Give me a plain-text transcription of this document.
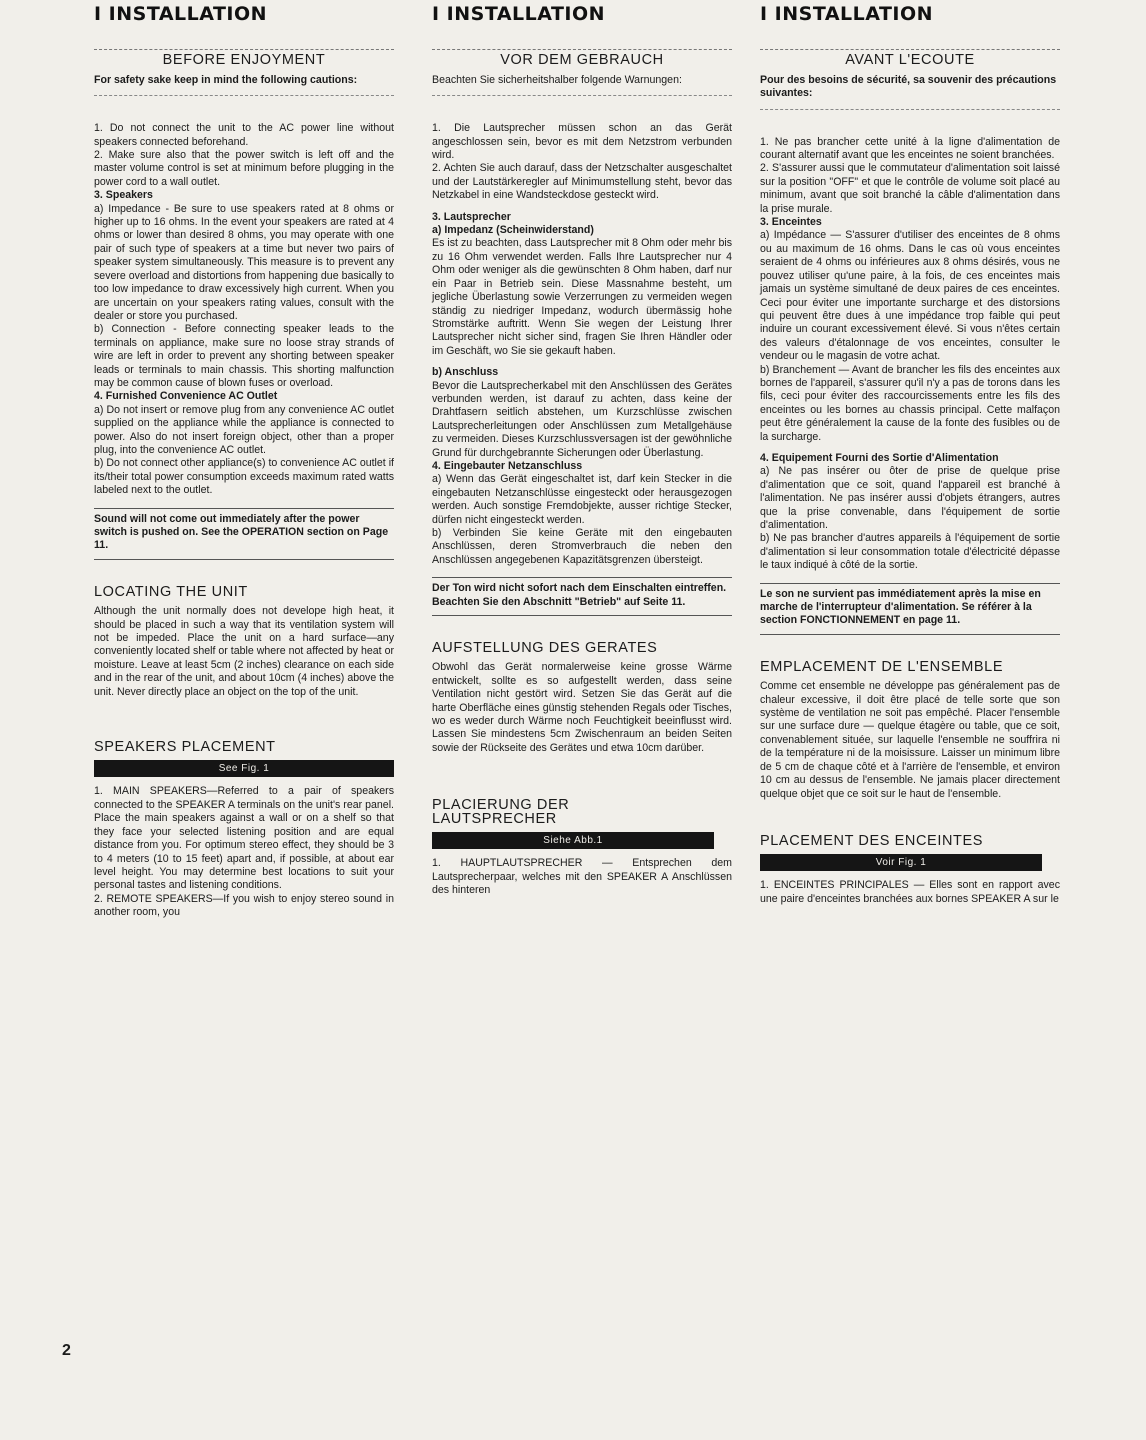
I INSTALLATION
BEFORE ENJOYMENT
For safety sake keep in mind the following cautions:

1. Do not connect the unit to the AC power line without speakers connected beforehand.

2. Make sure also that the power switch is left off and the master volume control is set at minimum before plugging in the power cord to a wall outlet.

3. Speakers

a) Impedance - Be sure to use speakers rated at 8 ohms or higher up to 16 ohms. In the event your speakers are rated at 4 ohms or lower than desired 8 ohms, you may operate with one pair of such type of speakers at a time but never two pairs of speaker system simultaneously. This measure is to prevent any severe overload and distortions from happening due basically to too low impedance to draw excessively high current. When you are uncertain on your speakers rating values, consult with the dealer or store you purchased.

b) Connection - Before connecting speaker leads to the terminals on appliance, make sure no loose stray strands of wire are left in order to prevent any shorting between speaker leads or terminals to main chassis. This shorting malfunction may be common cause of blown fuses or overload.

4. Furnished Convenience AC Outlet

a) Do not insert or remove plug from any convenience AC outlet supplied on the appliance while the appliance is connected to power. Also do not insert foreign object, other than a proper plug, into the convenience AC outlet.

b) Do not connect other appliance(s) to convenience AC outlet if its/their total power consumption exceeds maximum rated watts labeled next to the outlet.

Sound will not come out immediately after the power switch is pushed on. See the OPERATION section on Page 11.
LOCATING THE UNIT

Although the unit normally does not develope high heat, it should be placed in such a way that its ventilation system will not be impeded. Place the unit on a hard surface—any conveniently located shelf or table where not affected by heat or moisture. Leave at least 5cm (2 inches) clearance on each side and in the rear of the unit, and about 10cm (4 inches) above the unit. Never directly place an object on the top of the unit.

SPEAKERS PLACEMENT
See Fig. 1

1. MAIN SPEAKERS—Referred to a pair of speakers connected to the SPEAKER A terminals on the unit's rear panel. Place the main speakers against a wall or on a shelf so that they face your selected listening position and are equal distance from you. For optimum stereo effect, they should be 3 to 4 meters (10 to 15 feet) apart and, if possible, at about ear level height. You may determine best locations to suit your personal tastes and listening conditions.

2. REMOTE SPEAKERS—If you wish to enjoy stereo sound in another room, you

I INSTALLATION
VOR DEM GEBRAUCH
Beachten Sie sicherheitshalber folgende Warnungen:

1. Die Lautsprecher müssen schon an das Gerät angeschlossen sein, bevor es mit dem Netzstrom verbunden wird.

2. Achten Sie auch darauf, dass der Netzschalter ausgeschaltet und der Lautstärkeregler auf Minimumstellung steht, bevor das Netzkabel in eine Wandsteckdose gesteckt wird.

3. Lautsprecher

a) Impedanz (Scheinwiderstand)

Es ist zu beachten, dass Lautsprecher mit 8 Ohm oder mehr bis zu 16 Ohm verwendet werden. Falls Ihre Lautsprecher nur 4 Ohm oder weniger als die gewünschten 8 Ohm haben, darf nur ein Paar in Betrieb sein. Diese Massnahme besteht, um jegliche Überlastung sowie Verzerrungen zu vermeiden wegen ständig zu niedriger Impedanz, wodurch übermässig hohe Stromstärke auftritt. Wenn Sie wegen der Leistung Ihrer Lautsprecher nicht sicher sind, fragen Sie Ihren Händler oder im Geschäft, wo Sie sie gekauft haben.

b) Anschluss

Bevor die Lautsprecherkabel mit den Anschlüssen des Gerätes verbunden werden, ist darauf zu achten, dass keine der Drahtfasern seitlich abstehen, um Kurzschlüsse zwischen Lautsprecherleitungen oder Anschlüssen zum Metallgehäuse zu vermeiden. Dieses Kurzschlussversagen ist der gewöhnliche Grund für durchgebrannte Sicherungen oder Überlastung.

4. Eingebauter Netzanschluss

a) Wenn das Gerät eingeschaltet ist, darf kein Stecker in die eingebauten Netzanschlüsse eingesteckt oder herausgezogen werden. Auch sonstige Fremdobjekte, ausser richtige Stecker, dürfen nicht eingesteckt werden.

b) Verbinden Sie keine Geräte mit den eingebauten Anschlüssen, deren Stromverbrauch die neben den Anschlüssen angegebenen Kapazitätsgrenzen übersteigt.

Der Ton wird nicht sofort nach dem Einschalten eintreffen. Beachten Sie den Abschnitt "Betrieb" auf Seite 11.
AUFSTELLUNG DES GERATES

Obwohl das Gerät normalerweise keine grosse Wärme entwickelt, sollte es so aufgestellt werden, dass seine Ventilation nicht gestört wird. Setzen Sie das Gerät auf die harte Oberfläche eines günstig stehenden Regals oder Tisches, wo es weder durch Wärme noch Feuchtigkeit beeinflusst wird. Lassen Sie mindestens 5cm Zwischenraum an beiden Seiten sowie der Rückseite des Gerätes und etwa 10cm darüber.

PLACIERUNG DER LAUTSPRECHER
Siehe Abb.1

1. HAUPTLAUTSPRECHER — Entsprechen dem Lautsprecherpaar, welches mit den SPEAKER A Anschlüssen des hinteren

I INSTALLATION
AVANT L'ECOUTE
Pour des besoins de sécurité, sa souvenir des précautions suivantes:

1. Ne pas brancher cette unité à la ligne d'alimentation de courant alternatif avant que les enceintes ne soient branchées.

2. S'assurer aussi que le commutateur d'alimentation soit laissé sur la position "OFF" et que le contrôle de volume soit placé au minimum, avant que soit branché la câble d'alimentation dans la prise murale.

3. Enceintes

a) Impédance — S'assurer d'utiliser des enceintes de 8 ohms ou au maximum de 16 ohms. Dans le cas où vous enceintes seraient de 4 ohms ou inférieures aux 8 ohms désirés, vous ne pouvez utiliser qu'une paire, à la fois, de ces enceintes mais jamais un système simultané de deux paires de ces enceintes. Ceci pour éviter une importante surcharge et des distorsions qui peuvent être dues à une impédance trop faible qui peut induire un courant excessivement élevé. Si vous n'êtes certain des valeurs d'étalonnage de vos enceintes, consulter le vendeur ou le magasin de votre achat.

b) Branchement — Avant de brancher les fils des enceintes aux bornes de l'appareil, s'assurer qu'il n'y a pas de torons dans les fils, ceci pour éviter des raccourcissements entre les fils des enceintes ou les bornes au chassis principal. Cette malfaçon peut être généralement la cause de la fonte des fusibles ou de la surcharge.

4. Equipement Fourni des Sortie d'Alimentation

a) Ne pas insérer ou ôter de prise de quelque prise d'alimentation que ce soit, quand l'appareil est branché à l'alimentation. Ne pas insérer aussi d'objets étrangers, autres que la prise convenable, dans l'équipement de sortie d'alimentation.

b) Ne pas brancher d'autres appareils à l'équipement de sortie d'alimentation si leur consommation totale d'électricité dépasse le taux indiqué à côté de la sortie.

Le son ne survient pas immédiatement après la mise en marche de l'interrupteur d'alimentation. Se référer à la section FONCTIONNEMENT en page 11.
EMPLACEMENT DE L'ENSEMBLE

Comme cet ensemble ne développe pas généralement pas de chaleur excessive, il doit être placé de telle sorte que son système de ventilation ne soit pas empêché. Placer l'ensemble sur une surface dure — quelque étagère ou table, que ce soit, convenablement située, sur laquelle l'ensemble ne souffrira ni de la température ni de la moisissure. Laisser un minimum libre de 5 cm de chaque côté et à l'arrière de l'ensemble, et environ 10 cm au dessus de l'ensemble. Ne jamais placer directement quelque objet que ce soit sur le haut de l'ensemble.

PLACEMENT DES ENCEINTES
Voir Fig. 1

1. ENCEINTES PRINCIPALES — Elles sont en rapport avec une paire d'enceintes branchées aux bornes SPEAKER A sur le

2
